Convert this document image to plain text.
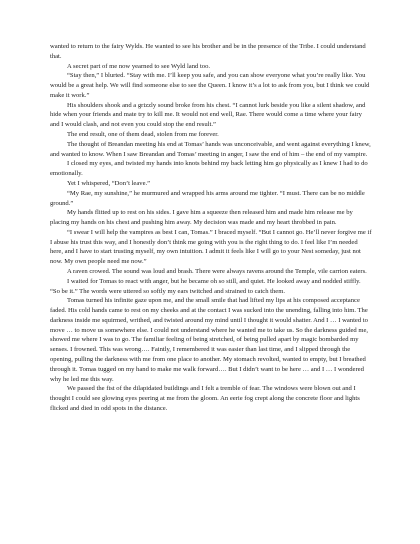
wanted to return to the fairy Wylds. He wanted to see his brother and be in the presence of the Tribe. I could understand that.

A secret part of me now yearned to see Wyld land too.

“Stay then,” I blurted. “Stay with me. I’ll keep you safe, and you can show everyone what you’re really like. You would be a great help. We will find someone else to see the Queen. I know it’s a lot to ask from you, but I think we could make it work.”

His shoulders shook and a grizzly sound broke from his chest. “I cannot lurk beside you like a silent shadow, and hide when your friends and mate try to kill me. It would not end well, Rae. There would come a time where your fairy and I would clash, and not even you could stop the end result.”

The end result, one of them dead, stolen from me forever.

The thought of Breandan meeting his end at Tomas’ hands was unconceivable, and went against everything I knew, and wanted to know. When I saw Breandan and Tomas’ meeting in anger, I saw the end of him – the end of my vampire.

I closed my eyes, and twisted my hands into knots behind my back letting him go physically as I knew I had to do emotionally.

Yet I whispered, “Don’t leave.”

“My Rae, my sunshine,” he murmured and wrapped his arms around me tighter. “I must. There can be no middle ground.”

My hands flitted up to rest on his sides. I gave him a squeeze then released him and made him release me by placing my hands on his chest and pushing him away. My decision was made and my heart throbbed in pain.

“I swear I will help the vampires as best I can, Tomas.” I braced myself. “But I cannot go. He’ll never forgive me if I abuse his trust this way, and I honestly don’t think me going with you is the right thing to do. I feel like I’m needed here, and I have to start trusting myself, my own intuition. I admit it feels like I will go to your Nest someday, just not now. My own people need me now.”

A raven crowed. The sound was loud and brash. There were always ravens around the Temple, vile carrion eaters.

I waited for Tomas to react with anger, but he became oh so still, and quiet. He looked away and nodded stiffly. “So be it.” The words were uttered so softly my ears twitched and strained to catch them.

Tomas turned his infinite gaze upon me, and the small smile that had lifted my lips at his composed acceptance faded. His cold hands came to rest on my cheeks and at the contact I was sucked into the unending, falling into him. The darkness inside me squirmed, writhed, and twisted around my mind until I thought it would shatter. And I … I wanted to move … to move us somewhere else. I could not understand where he wanted me to take us. So the darkness guided me, showed me where I was to go. The familiar feeling of being stretched, of being pulled apart by magic bombarded my senses. I frowned. This was wrong…. Faintly, I remembered it was easier than last time, and I slipped through the opening, pulling the darkness with me from one place to another. My stomach revolted, wanted to empty, but I breathed through it. Tomas tugged on my hand to make me walk forward…. But I didn’t want to be here … and I … I wondered why he led me this way.

We passed the fist of the dilapidated buildings and I felt a tremble of fear. The windows were blown out and I thought I could see glowing eyes peering at me from the gloom. An eerie fog crept along the concrete floor and lights flicked and died in odd spots in the distance.
